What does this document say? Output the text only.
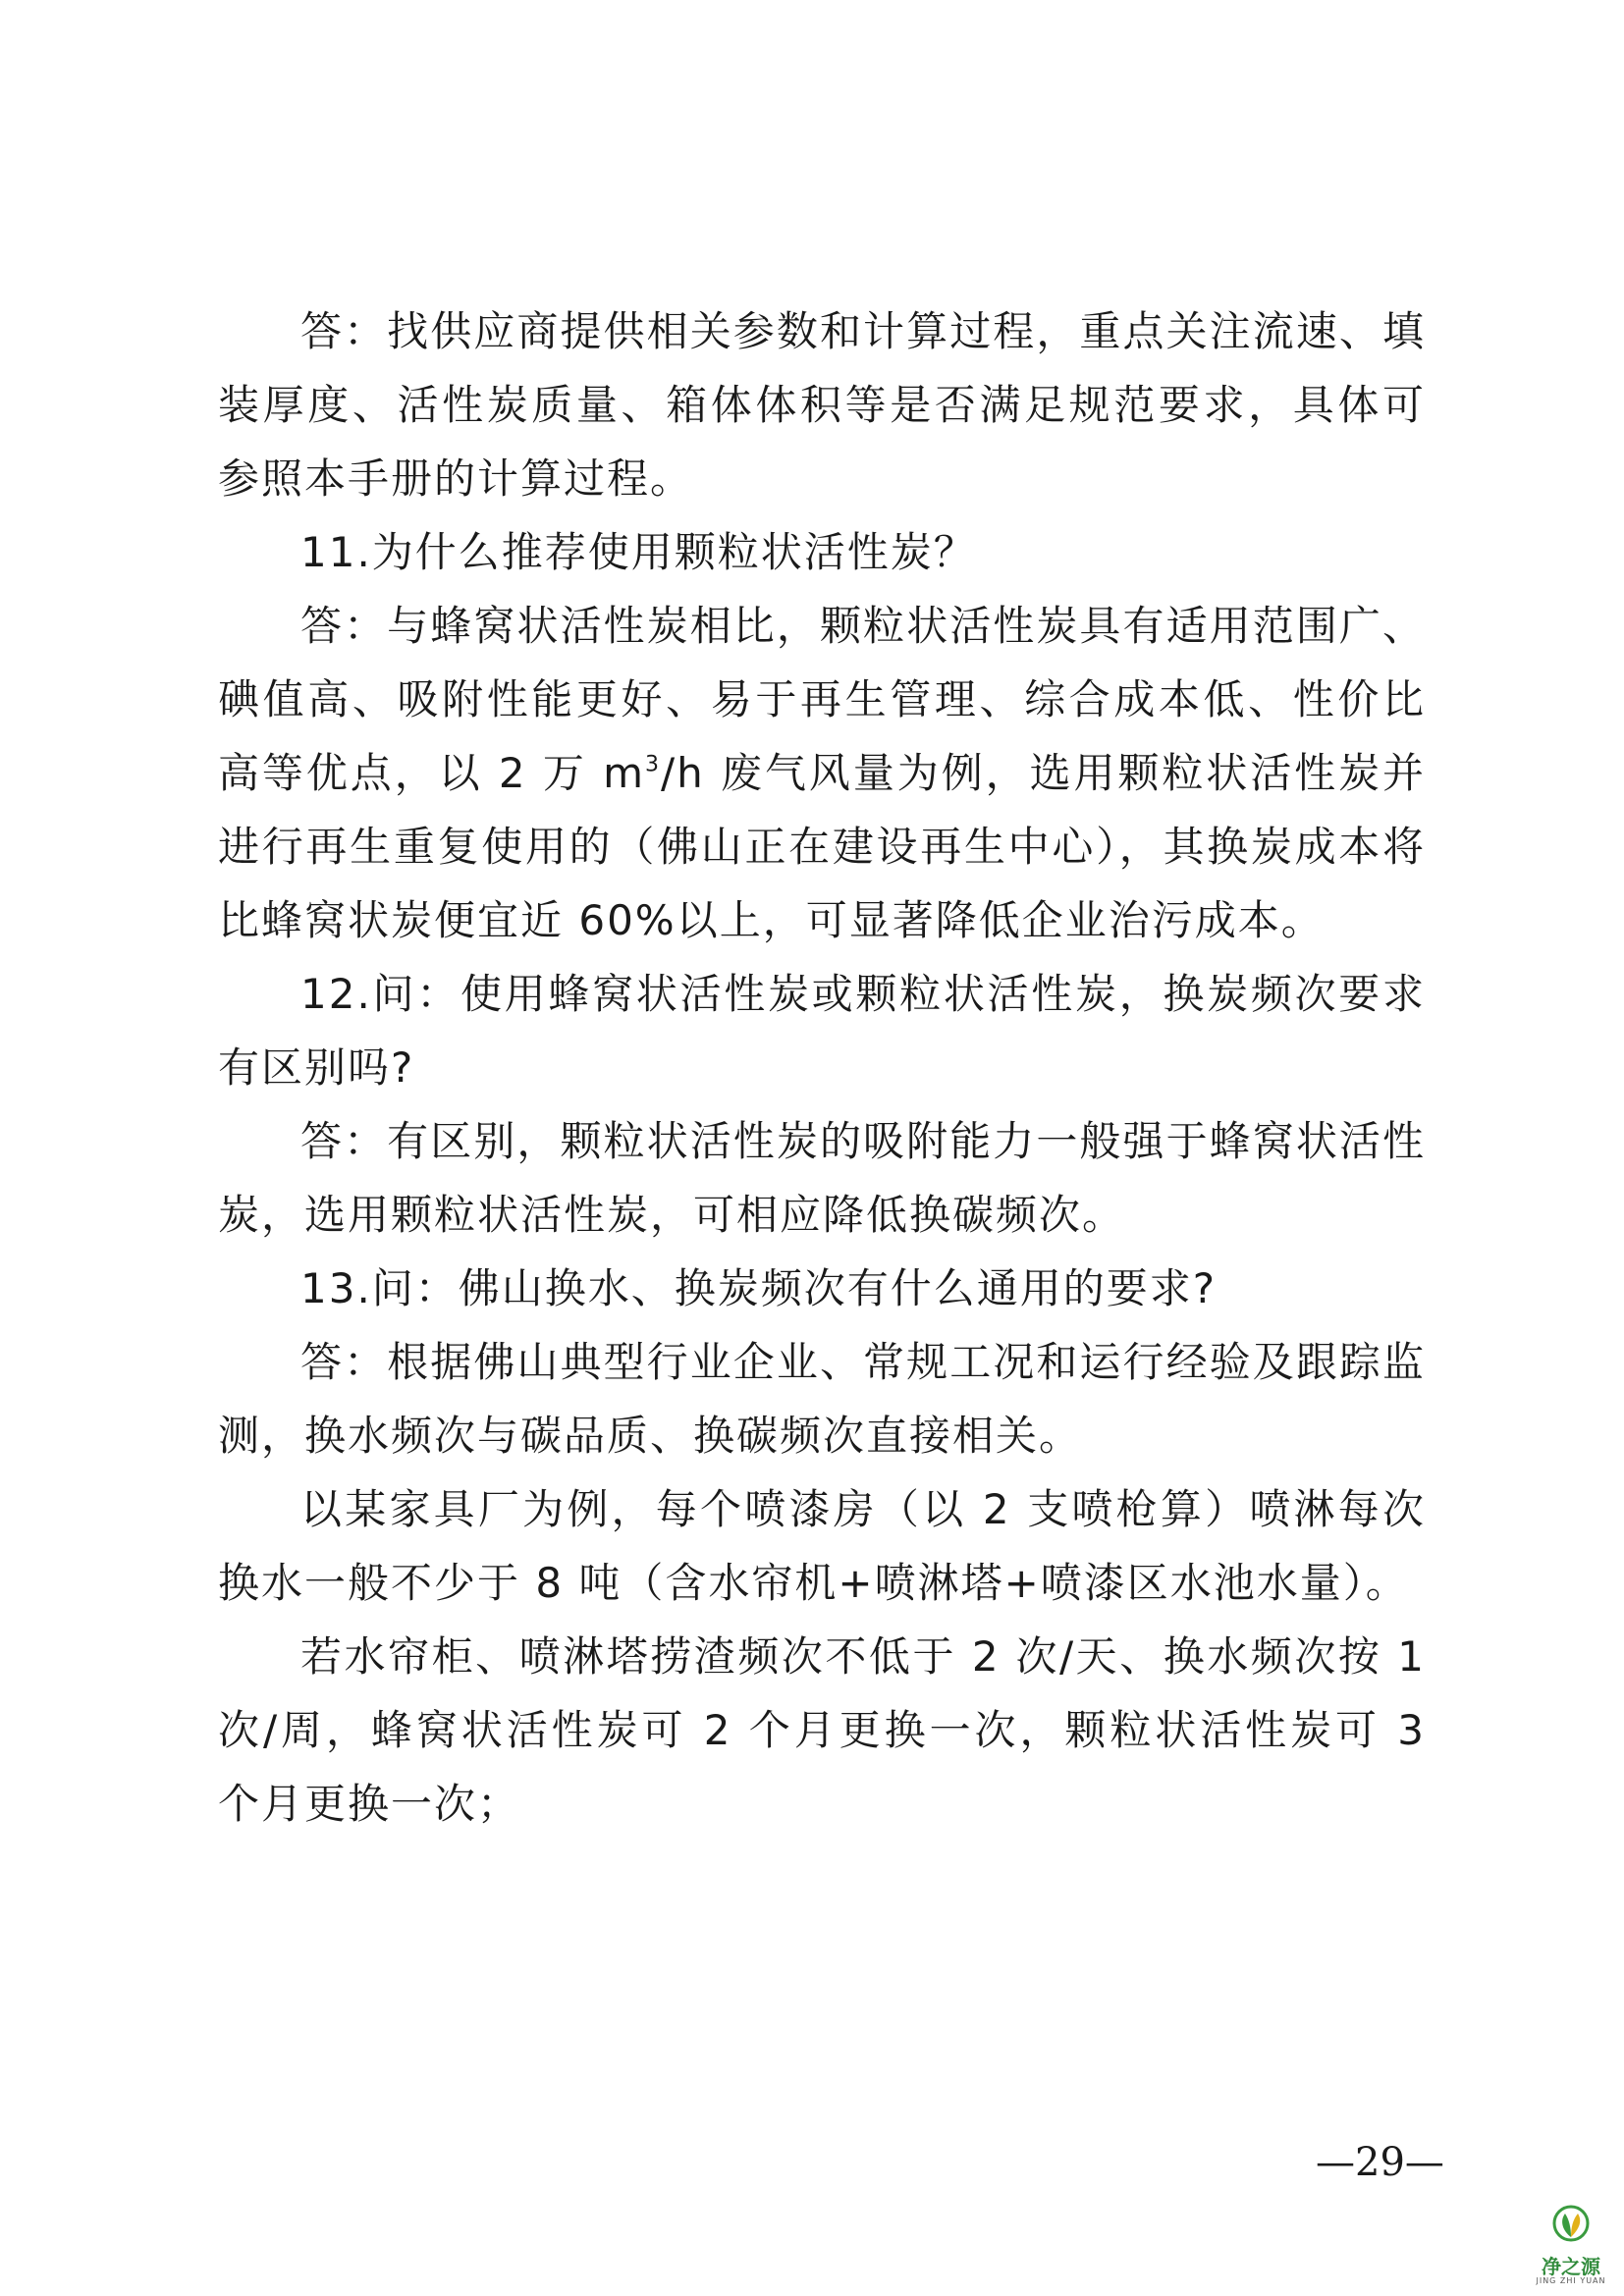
答：找供应商提供相关参数和计算过程，重点关注流速、填装厚度、活性炭质量、箱体体积等是否满足规范要求，具体可参照本手册的计算过程。

11.为什么推荐使用颗粒状活性炭？

答：与蜂窝状活性炭相比，颗粒状活性炭具有适用范围广、碘值高、吸附性能更好、易于再生管理、综合成本低、性价比高等优点，以 2 万 $m^3/h$ 废气风量为例，选用颗粒状活性炭并进行再生重复使用的（佛山正在建设再生中心），其换炭成本将比蜂窝状炭便宜近 60%以上，可显著降低企业治污成本。

12.问：使用蜂窝状活性炭或颗粒状活性炭，换炭频次要求有区别吗?

答：有区别，颗粒状活性炭的吸附能力一般强于蜂窝状活性炭，选用颗粒状活性炭，可相应降低换碳频次。

13.问：佛山换水、换炭频次有什么通用的要求?

答：根据佛山典型行业企业、常规工况和运行经验及跟踪监测，换水频次与碳品质、换碳频次直接相关。

以某家具厂为例，每个喷漆房（以 2 支喷枪算）喷淋每次换水一般不少于 8 吨（含水帘机+喷淋塔+喷漆区水池水量）。

若水帘柜、喷淋塔捞渣频次不低于 2 次/天、换水频次按 1 次/周，蜂窝状活性炭可 2 个月更换一次，颗粒状活性炭可 3 个月更换一次；

—29—
净之源
JING ZHI YUAN
